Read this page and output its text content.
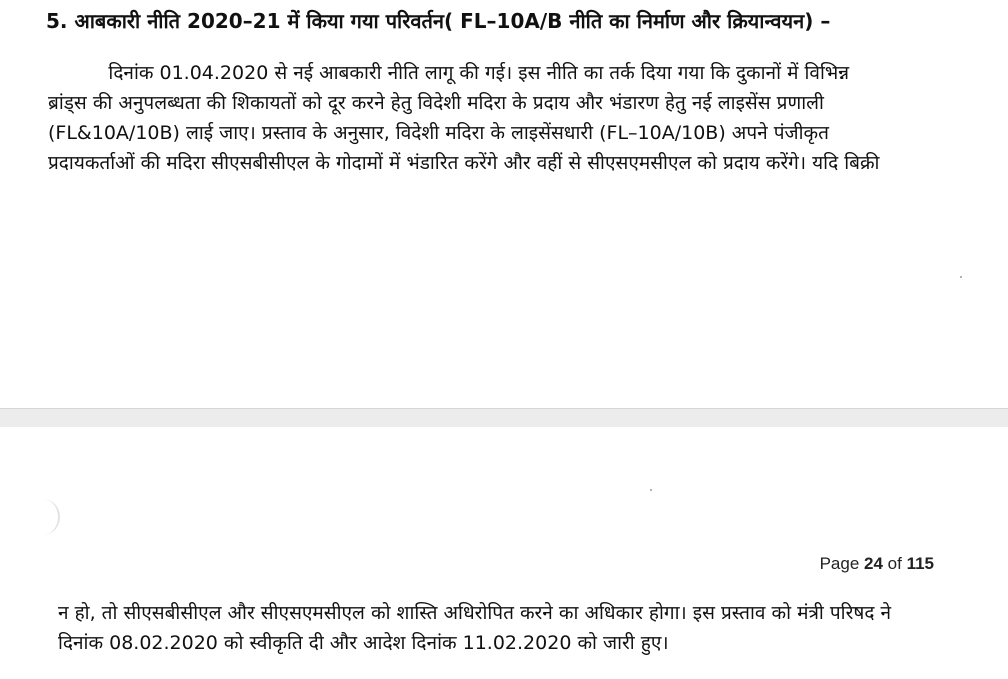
5. आबकारी नीति 2020–21 में किया गया परिवर्तन( FL–10A/B नीति का निर्माण और क्रियान्वयन) –
दिनांक 01.04.2020 से नई आबकारी नीति लागू की गई। इस नीति का तर्क दिया गया कि दुकानों में विभिन्न
ब्रांड्स की अनुपलब्धता की शिकायतों को दूर करने हेतु विदेशी मदिरा के प्रदाय और भंडारण हेतु नई लाइसेंस प्रणाली
(FL&10A/10B) लाई जाए। प्रस्ताव के अनुसार, विदेशी मदिरा के लाइसेंसधारी (FL–10A/10B) अपने पंजीकृत
प्रदायकर्ताओं की मदिरा सीएसबीसीएल के गोदामों में भंडारित करेंगे और वहीं से सीएसएमसीएल को प्रदाय करेंगे। यदि बिक्री
Page 24 of 115
न हो, तो सीएसबीसीएल और सीएसएमसीएल को शास्ति अधिरोपित करने का अधिकार होगा। इस प्रस्ताव को मंत्री परिषद ने
दिनांक 08.02.2020 को स्वीकृति दी और आदेश दिनांक 11.02.2020 को जारी हुए।
